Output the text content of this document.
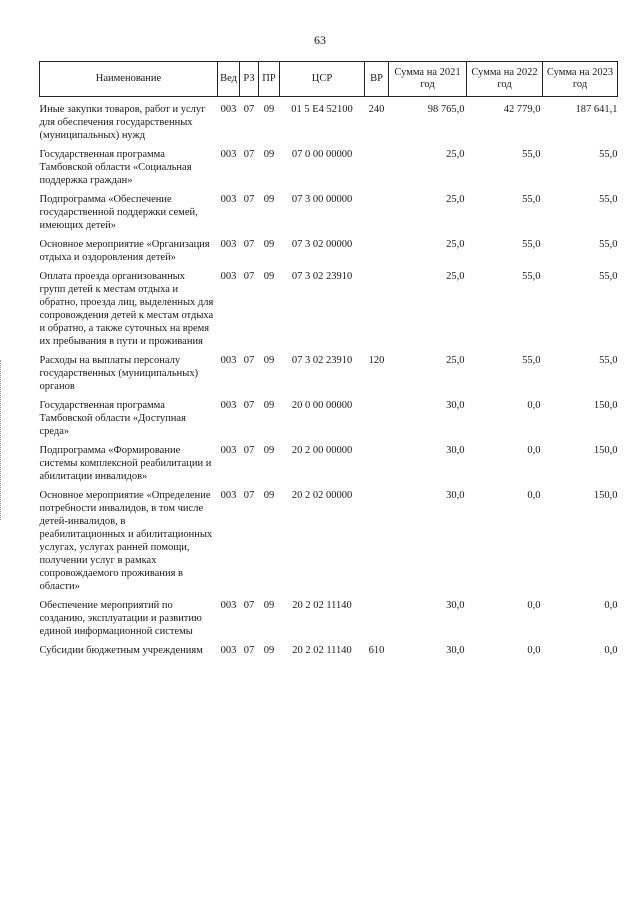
63
Наименование	Вед	РЗ	ПР	ЦСР	ВР	Сумма на 2021 год	Сумма на 2022 год	Сумма на 2023 год

Иные закупки товаров, работ и услуг для обеспечения государственных (муниципальных) нужд	003	07	09	01 5 E4 52100	240	98 765,0	42 779,0	187 641,1
Государственная программа Тамбовской области «Социальная поддержка граждан»	003	07	09	07 0 00 00000		25,0	55,0	55,0
Подпрограмма «Обеспечение государственной поддержки семей, имеющих детей»	003	07	09	07 3 00 00000		25,0	55,0	55,0
Основное мероприятие «Организация отдыха и оздоровления детей»	003	07	09	07 3 02 00000		25,0	55,0	55,0
Оплата проезда организованных групп детей к местам отдыха и обратно, проезда лиц, выделенных для сопровождения детей к местам отдыха и обратно, а также суточных на время их пребывания в пути и проживания	003	07	09	07 3 02 23910		25,0	55,0	55,0
Расходы на выплаты персоналу государственных (муниципальных) органов	003	07	09	07 3 02 23910	120	25,0	55,0	55,0
Государственная программа Тамбовской области «Доступная среда»	003	07	09	20 0 00 00000		30,0	0,0	150,0
Подпрограмма «Формирование системы комплексной реабилитации и абилитации инвалидов»	003	07	09	20 2 00 00000		30,0	0,0	150,0
Основное мероприятие «Определение потребности инвалидов, в том числе детей-инвалидов, в реабилитационных и абилитационных услугах, услугах ранней помощи, получении услуг в рамках сопровождаемого проживания в области»	003	07	09	20 2 02 00000		30,0	0,0	150,0
Обеспечение мероприятий по созданию, эксплуатации и развитию единой информационной системы	003	07	09	20 2 02 11140		30,0	0,0	0,0
Субсидии бюджетным учреждениям	003	07	09	20 2 02 11140	610	30,0	0,0	0,0
